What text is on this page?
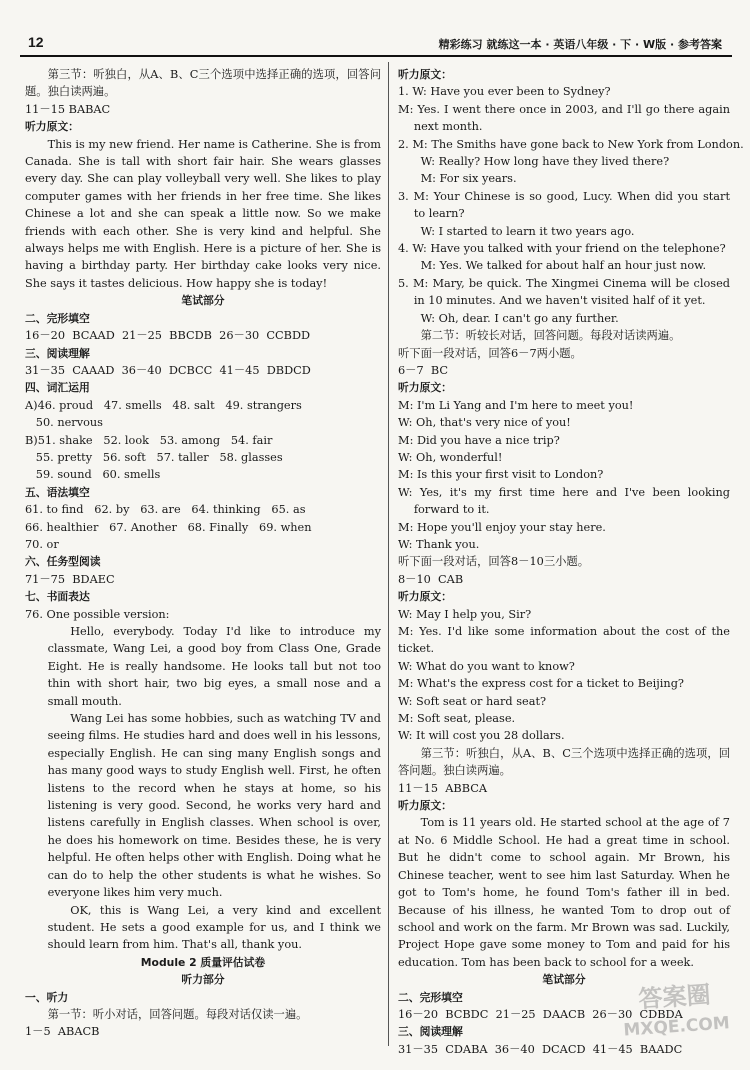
12	精彩练习 就练这一本 · 英语八年级 · 下 · W版 · 参考答案

第三节：听独白，从A、B、C三个选项中选择正确的选项，回答问题。独白读两遍。

11－15 BABAC

听力原文：

This is my new friend. Her name is Catherine. She is from Canada. She is tall with short fair hair. She wears glasses every day. She can play volleyball very well. She likes to play computer games with her friends in her free time. She likes Chinese a lot and she can speak a little now. So we make friends with each other. She is very kind and helpful. She always helps me with English. Here is a picture of her. She is having a birthday party. Her birthday cake looks very nice. She says it tastes delicious. How happy she is today!

笔试部分

二、完形填空

16－20  BCAAD  21－25  BBCDB  26－30  CCBDD

三、阅读理解

31－35  CAAAD  36－40  DCBCC  41－45  DBDCD

四、词汇运用

A)46. proud   47. smells   48. salt   49. strangers

50. nervous

B)51. shake   52. look   53. among   54. fair

55. pretty   56. soft   57. taller   58. glasses

59. sound   60. smells

五、语法填空

61. to find   62. by   63. are   64. thinking   65. as

66. healthier   67. Another   68. Finally   69. when

70. or

六、任务型阅读

71－75  BDAEC

七、书面表达

76. One possible version:

Hello, everybody. Today I'd like to introduce my classmate, Wang Lei, a good boy from Class One, Grade Eight. He is really handsome. He looks tall but not too thin with short hair, two big eyes, a small nose and a small mouth.

Wang Lei has some hobbies, such as watching TV and seeing films. He studies hard and does well in his lessons, especially English. He can sing many English songs and has many good ways to study English well. First, he often listens to the record when he stays at home, so his listening is very good. Second, he works very hard and listens carefully in English classes. When school is over, he does his homework on time. Besides these, he is very helpful. He often helps other with English. Doing what he can do to help the other students is what he wishes. So everyone likes him very much.

OK, this is Wang Lei, a very kind and excellent student. He sets a good example for us, and I think we should learn from him. That's all, thank you.

Module 2 质量评估试卷

听力部分

一、听力

第一节：听小对话，回答问题。每段对话仅读一遍。

1－5  ABACB

听力原文：

1. W: Have you ever been to Sydney?

M: Yes. I went there once in 2003, and I'll go there again next month.

2. M: The Smiths have gone back to New York from London.

W: Really? How long have they lived there?

M: For six years.

3. M: Your Chinese is so good, Lucy. When did you start to learn?

W: I started to learn it two years ago.

4. W: Have you talked with your friend on the telephone?

M: Yes. We talked for about half an hour just now.

5. M: Mary, be quick. The Xingmei Cinema will be closed in 10 minutes. And we haven't visited half of it yet.

W: Oh, dear. I can't go any further.

第二节：听较长对话，回答问题。每段对话读两遍。

听下面一段对话，回答6－7两小题。

6－7  BC

听力原文：

M: I'm Li Yang and I'm here to meet you!

W: Oh, that's very nice of you!

M: Did you have a nice trip?

W: Oh, wonderful!

M: Is this your first visit to London?

W: Yes, it's my first time here and I've been looking forward to it.

M: Hope you'll enjoy your stay here.

W: Thank you.

听下面一段对话，回答8－10三小题。

8－10  CAB

听力原文：

W: May I help you, Sir?

M: Yes. I'd like some information about the cost of the ticket.

W: What do you want to know?

M: What's the express cost for a ticket to Beijing?

W: Soft seat or hard seat?

M: Soft seat, please.

W: It will cost you 28 dollars.

第三节：听独白，从A、B、C三个选项中选择正确的选项，回答问题。独白读两遍。

11－15  ABBCA

听力原文：

Tom is 11 years old. He started school at the age of 7 at No. 6 Middle School. He had a great time in school. But he didn't come to school again. Mr Brown, his Chinese teacher, went to see him last Saturday. When he got to Tom's home, he found Tom's father ill in bed. Because of his illness, he wanted Tom to drop out of school and work on the farm. Mr Brown was sad. Luckily, Project Hope gave some money to Tom and paid for his education. Tom has been back to school for a week.

笔试部分

二、完形填空

16－20  BCBDC  21－25  DAACB  26－30  CDBDA

三、阅读理解

31－35  CDABA  36－40  DCACD  41－45  BAADC

答案圈
MXQE.COM
